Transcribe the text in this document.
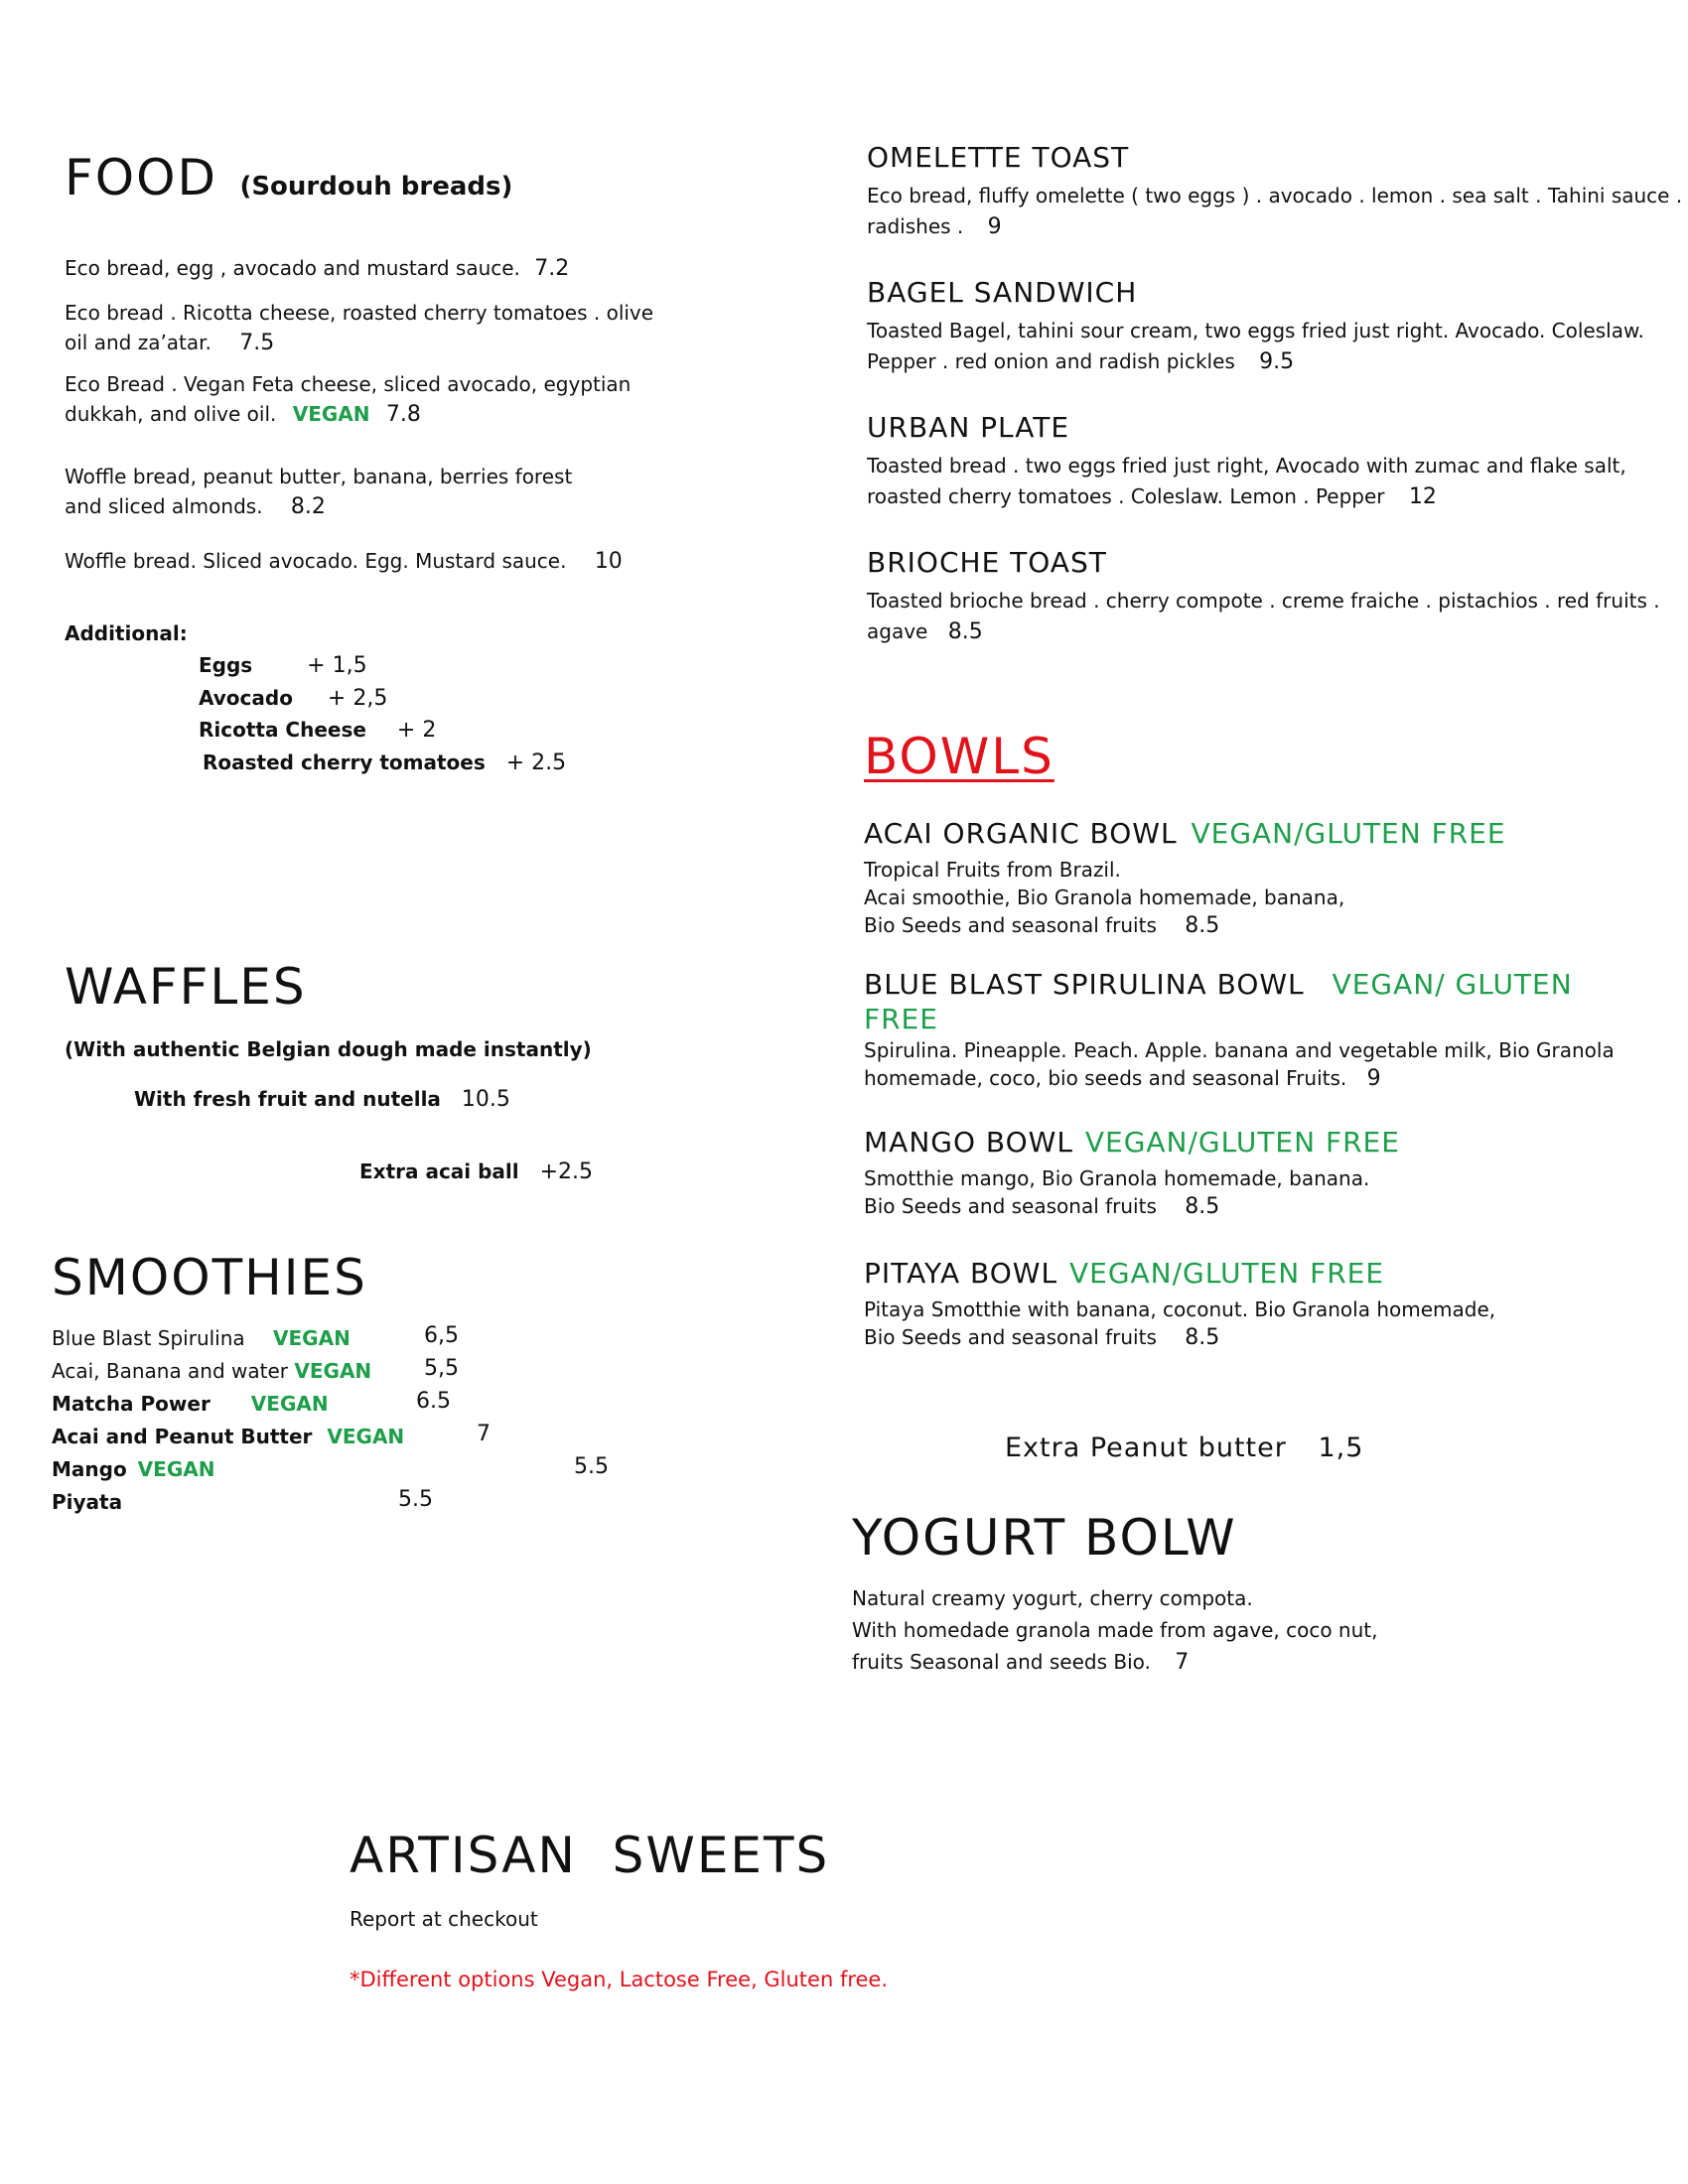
FOOD (Sourdouh breads)
Eco bread, egg , avocado and mustard sauce. 7.2
Eco bread . Ricotta cheese, roasted cherry tomatoes . olive oil and za’atar. 7.5
Eco Bread . Vegan Feta cheese, sliced avocado, egyptian dukkah, and olive oil. VEGAN 7.8
Woffle bread, peanut butter, banana, berries forest and sliced almonds. 8.2
Woffle bread. Sliced avocado. Egg. Mustard sauce. 10
Additional:
Eggs + 1,5
Avocado + 2,5
Ricotta Cheese + 2
Roasted cherry tomatoes + 2.5
WAFFLES
(With authentic Belgian dough made instantly)
With fresh fruit and nutella 10.5
Extra acai ball +2.5
SMOOTHIES
Blue Blast Spirulina VEGAN	6,5
Acai, Banana and water VEGAN 5,5
Matcha Power VEGAN	6.5
Acai and Peanut Butter VEGAN	7
Mango VEGAN	5.5
Piyata	5.5
OMELETTE TOAST
Eco bread, fluffy omelette ( two eggs ) . avocado . lemon . sea salt . Tahini sauce .
radishes . 9
BAGEL SANDWICH
Toasted Bagel, tahini sour cream, two eggs fried just right. Avocado. Coleslaw.
Pepper . red onion and radish pickles 9.5
URBAN PLATE
Toasted bread . two eggs fried just right, Avocado with zumac and flake salt,
roasted cherry tomatoes . Coleslaw. Lemon . Pepper 12
BRIOCHE TOAST
Toasted brioche bread . cherry compote . creme fraiche . pistachios . red fruits .
agave 8.5
BOWLS
ACAI ORGANIC BOWL VEGAN/GLUTEN FREE
Tropical Fruits from Brazil.
Acai smoothie, Bio Granola homemade, banana,
Bio Seeds and seasonal fruits 8.5
BLUE BLAST SPIRULINA BOWL VEGAN/ GLUTEN
FREE
Spirulina. Pineapple. Peach. Apple. banana and vegetable milk, Bio Granola
homemade, coco, bio seeds and seasonal Fruits. 9
MANGO BOWL VEGAN/GLUTEN FREE
Smotthie mango, Bio Granola homemade, banana.
Bio Seeds and seasonal fruits 8.5
PITAYA BOWL VEGAN/GLUTEN FREE
Pitaya Smotthie with banana, coconut. Bio Granola homemade,
Bio Seeds and seasonal fruits 8.5
Extra Peanut butter 1,5
YOGURT BOLW
Natural creamy yogurt, cherry compota.
With homedade granola made from agave, coco nut,
fruits Seasonal and seeds Bio. 7
ARTISAN  SWEETS
Report at checkout
*Different options Vegan, Lactose Free, Gluten free.
